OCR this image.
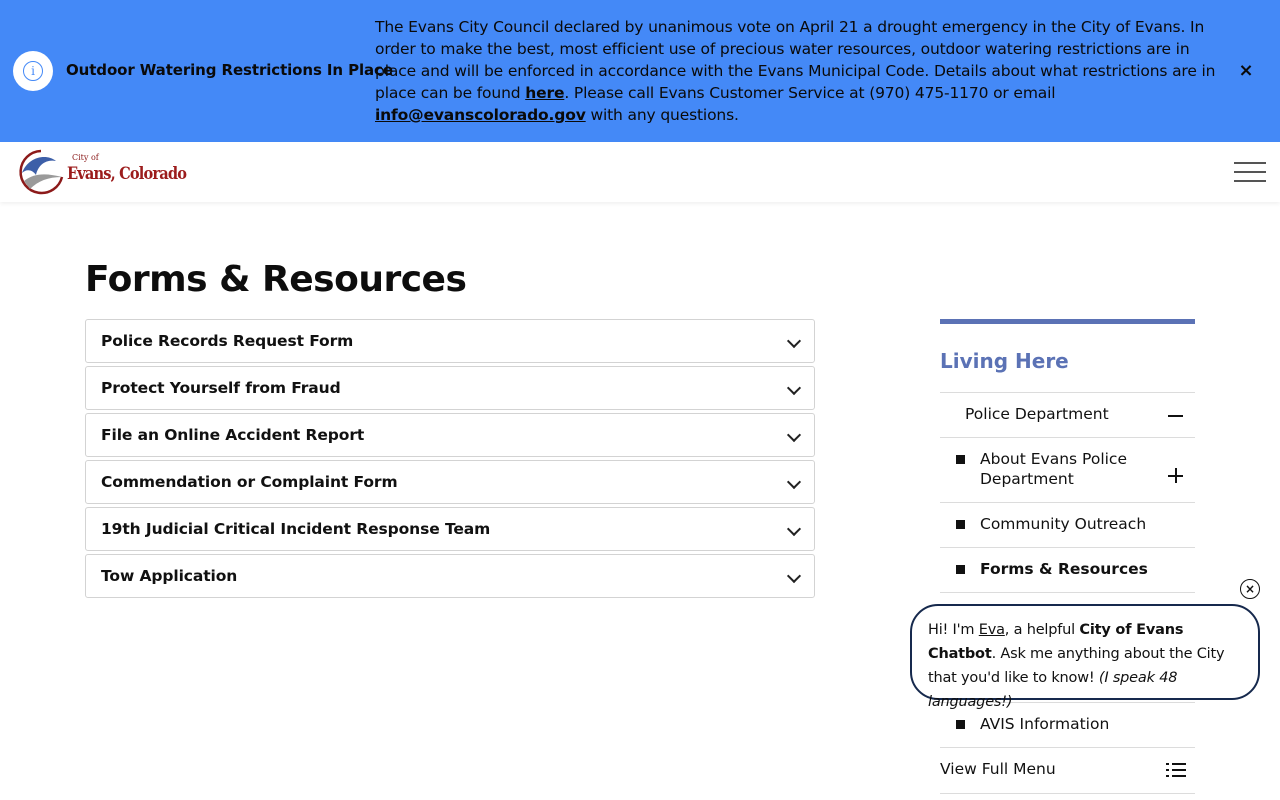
i	Outdoor Watering Restrictions In Place
The Evans City Council declared by unanimous vote on April 21 a drought emergency in the City of Evans. In order to make the best, most efficient use of precious water resources, outdoor watering restrictions are in place and will be enforced in accordance with the Evans Municipal Code. Details about what restrictions are in place can be found here. Please call Evans Customer Service at (970) 475-1170 or email info@evanscolorado.gov with any questions.
×
City of
Evans, Colorado
Forms & Resources
Police Records Request Form
Protect Yourself from Fraud
File an Online Accident Report
Commendation or Complaint Form
19th Judicial Critical Incident Response Team
Tow Application
Living Here
Police Department
About Evans Police Department
Community Outreach
Forms & Resources
AVIS Information
View Full Menu
×
Hi! I'm Eva, a helpful City of Evans Chatbot. Ask me anything about the City that you'd like to know! (I speak 48 languages!)
